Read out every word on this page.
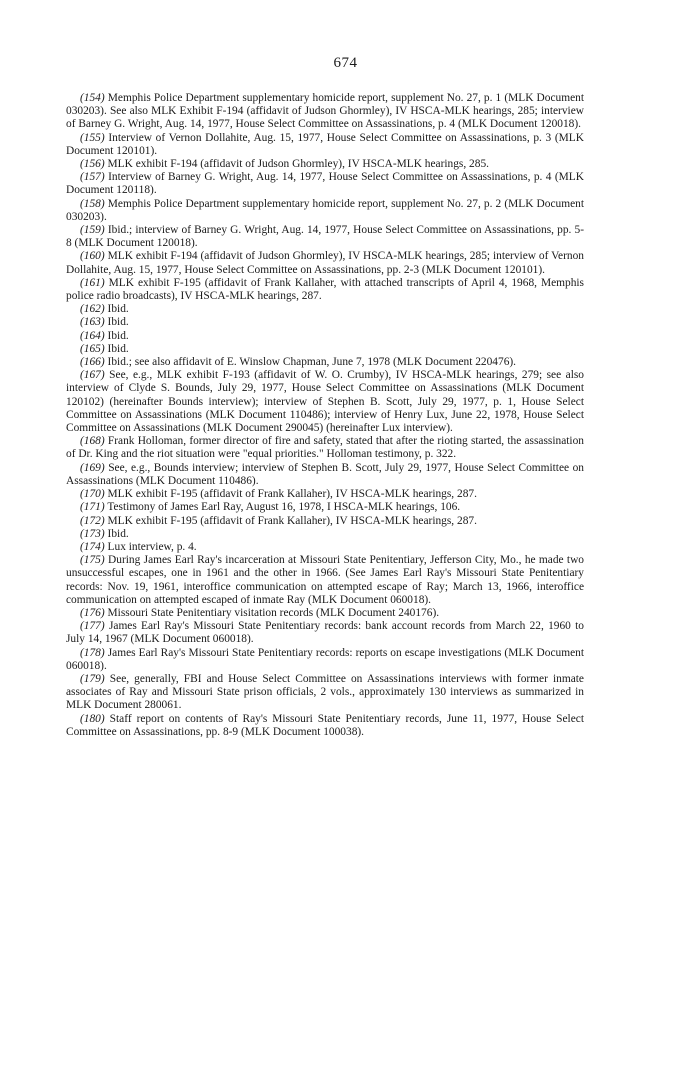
674

(154) Memphis Police Department supplementary homicide report, supplement No. 27, p. 1 (MLK Document 030203). See also MLK Exhibit F-194 (affidavit of Judson Ghormley), IV HSCA-MLK hearings, 285; interview of Barney G. Wright, Aug. 14, 1977, House Select Committee on Assassinations, p. 4 (MLK Document 120018).

(155) Interview of Vernon Dollahite, Aug. 15, 1977, House Select Committee on Assassinations, p. 3 (MLK Document 120101).

(156) MLK exhibit F-194 (affidavit of Judson Ghormley), IV HSCA-MLK hearings, 285.

(157) Interview of Barney G. Wright, Aug. 14, 1977, House Select Committee on Assassinations, p. 4 (MLK Document 120118).

(158) Memphis Police Department supplementary homicide report, supplement No. 27, p. 2 (MLK Document 030203).

(159) Ibid.; interview of Barney G. Wright, Aug. 14, 1977, House Select Committee on Assassinations, pp. 5-8 (MLK Document 120018).

(160) MLK exhibit F-194 (affidavit of Judson Ghormley), IV HSCA-MLK hearings, 285; interview of Vernon Dollahite, Aug. 15, 1977, House Select Committee on Assassinations, pp. 2-3 (MLK Document 120101).

(161) MLK exhibit F-195 (affidavit of Frank Kallaher, with attached transcripts of April 4, 1968, Memphis police radio broadcasts), IV HSCA-MLK hearings, 287.

(162) Ibid.

(163) Ibid.

(164) Ibid.

(165) Ibid.

(166) Ibid.; see also affidavit of E. Winslow Chapman, June 7, 1978 (MLK Document 220476).

(167) See, e.g., MLK exhibit F-193 (affidavit of W. O. Crumby), IV HSCA-MLK hearings, 279; see also interview of Clyde S. Bounds, July 29, 1977, House Select Committee on Assassinations (MLK Document 120102) (hereinafter Bounds interview); interview of Stephen B. Scott, July 29, 1977, p. 1, House Select Committee on Assassinations (MLK Document 110486); interview of Henry Lux, June 22, 1978, House Select Committee on Assassinations (MLK Document 290045) (hereinafter Lux interview).

(168) Frank Holloman, former director of fire and safety, stated that after the rioting started, the assassination of Dr. King and the riot situation were "equal priorities." Holloman testimony, p. 322.

(169) See, e.g., Bounds interview; interview of Stephen B. Scott, July 29, 1977, House Select Committee on Assassinations (MLK Document 110486).

(170) MLK exhibit F-195 (affidavit of Frank Kallaher), IV HSCA-MLK hearings, 287.

(171) Testimony of James Earl Ray, August 16, 1978, I HSCA-MLK hearings, 106.

(172) MLK exhibit F-195 (affidavit of Frank Kallaher), IV HSCA-MLK hearings, 287.

(173) Ibid.

(174) Lux interview, p. 4.

(175) During James Earl Ray's incarceration at Missouri State Penitentiary, Jefferson City, Mo., he made two unsuccessful escapes, one in 1961 and the other in 1966. (See James Earl Ray's Missouri State Penitentiary records: Nov. 19, 1961, interoffice communication on attempted escape of Ray; March 13, 1966, interoffice communication on attempted escaped of inmate Ray (MLK Document 060018).

(176) Missouri State Penitentiary visitation records (MLK Document 240176).

(177) James Earl Ray's Missouri State Penitentiary records: bank account records from March 22, 1960 to July 14, 1967 (MLK Document 060018).

(178) James Earl Ray's Missouri State Penitentiary records: reports on escape investigations (MLK Document 060018).

(179) See, generally, FBI and House Select Committee on Assassinations interviews with former inmate associates of Ray and Missouri State prison officials, 2 vols., approximately 130 interviews as summarized in MLK Document 280061.

(180) Staff report on contents of Ray's Missouri State Penitentiary records, June 11, 1977, House Select Committee on Assassinations, pp. 8-9 (MLK Document 100038).
